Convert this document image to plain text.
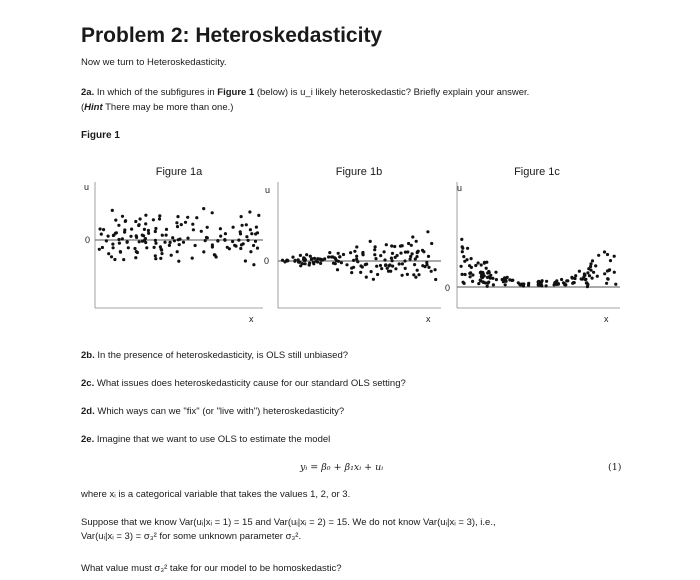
Problem 2: Heteroskedasticity
Now we turn to Heteroskedasticity.
2a. In which of the subfigures in Figure 1 (below) is u_i likely heteroskedastic? Briefly explain your answer.
(Hint There may be more than one.)
Figure 1
Figure 1a
u
0
x
Figure 1b
u
0
x
Figure 1c
u
0
x
2b. In the presence of heteroskedasticity, is OLS still unbiased?
2c. What issues does heteroskedasticity cause for our standard OLS setting?
2d. Which ways can we "fix" (or "live with") heteroskedasticity?
2e. Imagine that we want to use OLS to estimate the model
yᵢ = β₀ + β₁xᵢ + uᵢ	(1)
where xᵢ is a categorical variable that takes the values 1, 2, or 3.
Suppose that we know Var(uᵢ|xᵢ = 1) = 15 and Var(uᵢ|xᵢ = 2) = 15. We do not know Var(uᵢ|xᵢ = 3), i.e.,
Var(uᵢ|xᵢ = 3) = σ₃² for some unknown parameter σ₃².
What value must σ₃² take for our model to be homoskedastic?
